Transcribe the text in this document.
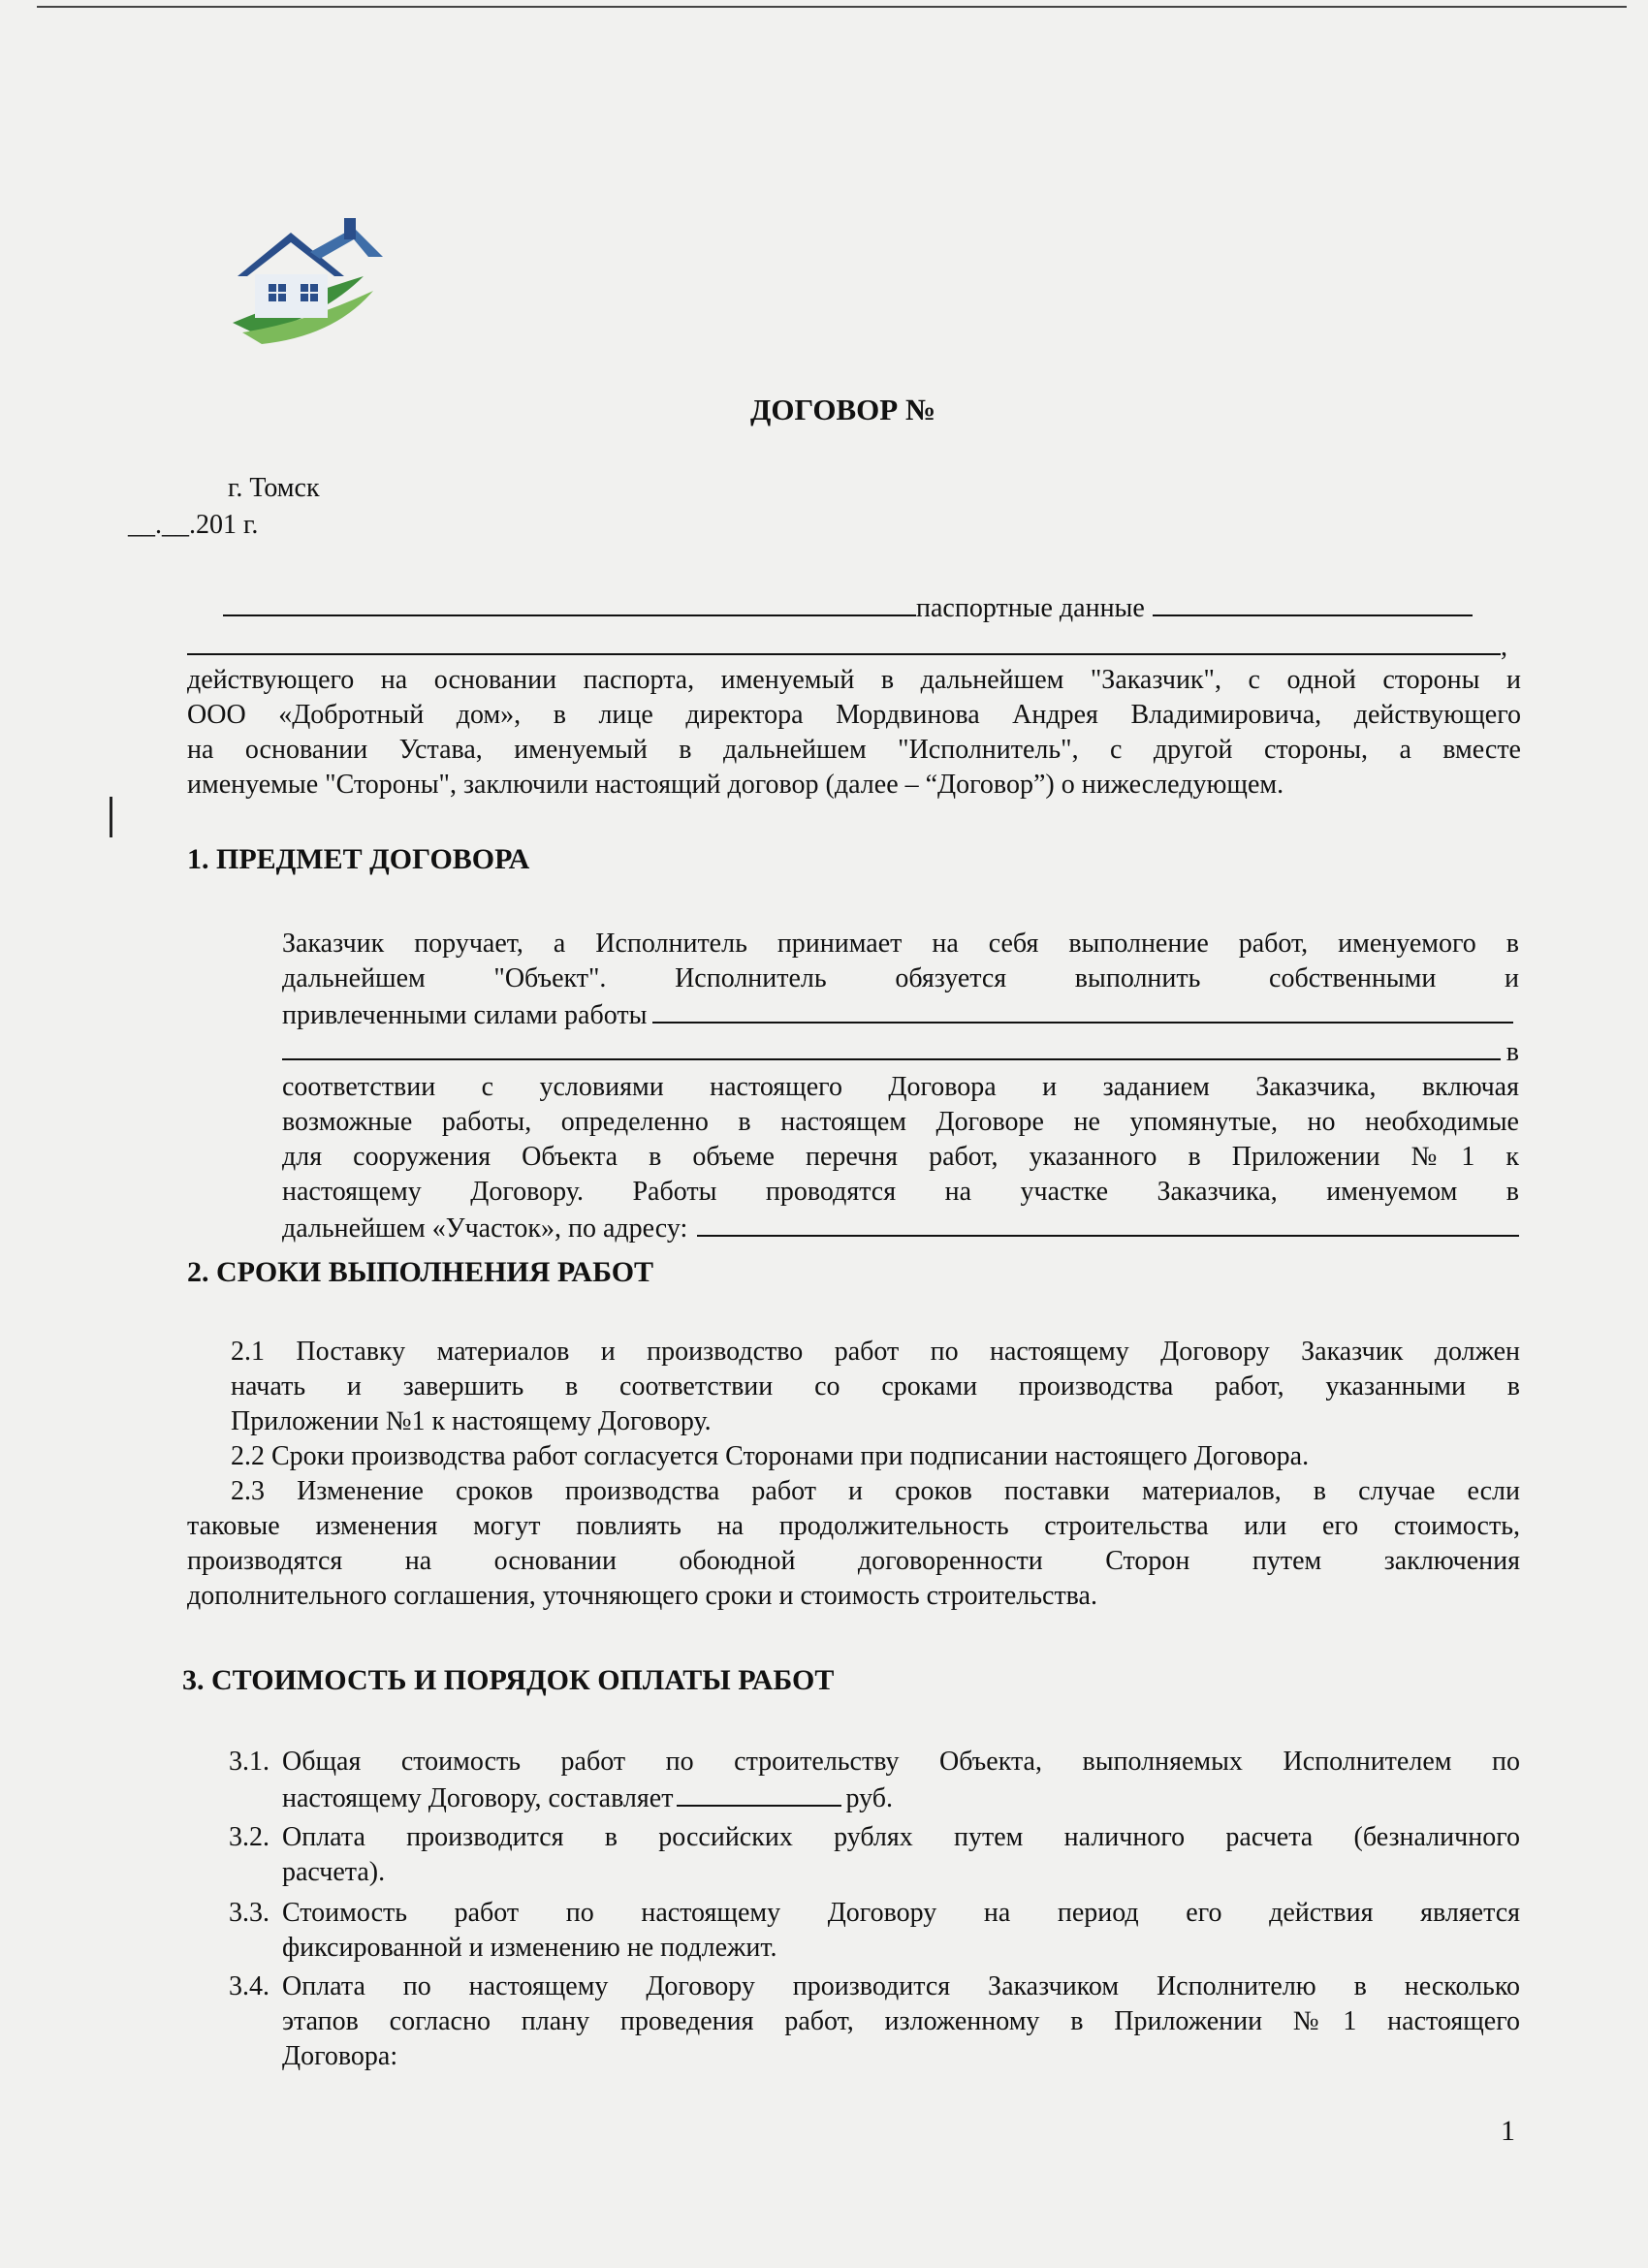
ДОГОВОР №
г. Томск
__.__.201 г.
паспортные данные
,
действующего на основании паспорта, именуемый в дальнейшем "Заказчик", с одной стороны и
ООО «Добротный дом», в лице директора Мордвинова Андрея Владимировича, действующего
на основании Устава, именуемый в дальнейшем "Исполнитель", с другой стороны, а вместе
именуемые "Стороны", заключили настоящий договор (далее – “Договор”) о нижеследующем.
1. ПРЕДМЕТ ДОГОВОРА
Заказчик поручает, а Исполнитель принимает на себя выполнение работ, именуемого в
дальнейшем "Объект". Исполнитель обязуется выполнить собственными и
привлеченными силами работы
в
соответствии с условиями настоящего Договора и заданием Заказчика, включая
возможные работы, определенно в настоящем Договоре не упомянутые, но необходимые
для сооружения Объекта в объеме перечня работ, указанного в Приложении №1 к
настоящему Договору. Работы проводятся на участке Заказчика, именуемом в
дальнейшем «Участок», по адресу:
2. СРОКИ ВЫПОЛНЕНИЯ РАБОТ
2.1 Поставку материалов и производство работ по настоящему Договору Заказчик должен
начать и завершить в соответствии со сроками производства работ, указанными в
Приложении №1 к настоящему Договору.
2.2 Сроки производства работ согласуется Сторонами при подписании настоящего Договора.
2.3 Изменение сроков производства работ и сроков поставки материалов, в случае если
таковые изменения могут повлиять на продолжительность строительства или его стоимость,
производятся на основании обоюдной договоренности Сторон путем заключения
дополнительного соглашения, уточняющего сроки и стоимость строительства.
3. СТОИМОСТЬ И ПОРЯДОК ОПЛАТЫ РАБОТ
3.1. Общая стоимость работ по строительству Объекта, выполняемых Исполнителем по
настоящему Договору, составляет	руб.
3.2. Оплата производится в российских рублях путем наличного расчета (безналичного
расчета).
3.3. Стоимость работ по настоящему Договору на период его действия является
фиксированной и изменению не подлежит.
3.4. Оплата по настоящему Договору производится Заказчиком Исполнителю в несколько
этапов согласно плану проведения работ, изложенному в Приложении №1 настоящего
Договора:
1
